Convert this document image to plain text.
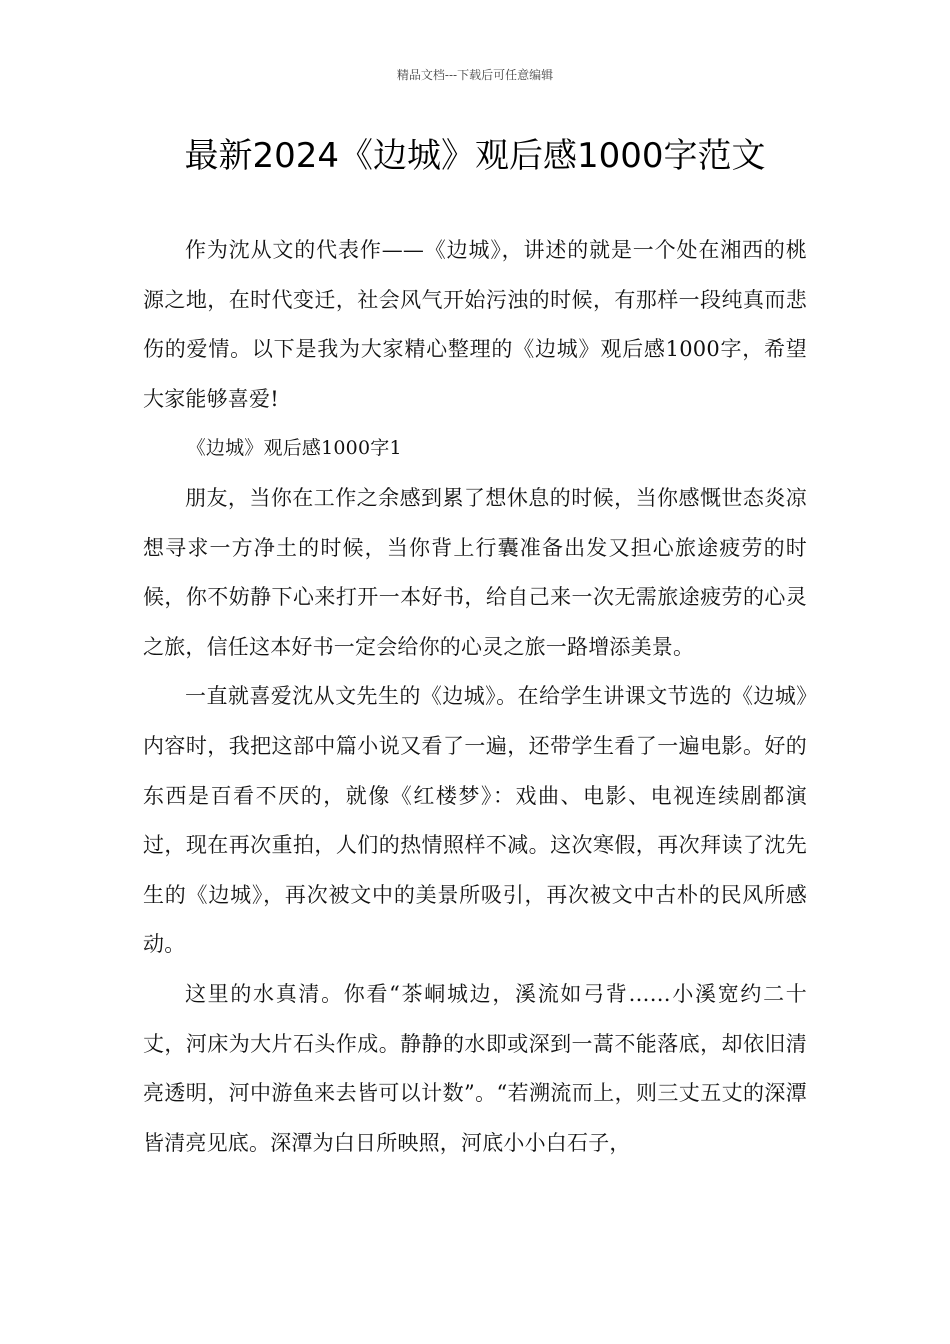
精品文档---下载后可任意编辑
最新2024《边城》观后感1000字范文

作为沈从文的代表作——《边城》，讲述的就是一个处在湘西的桃源之地，在时代变迁，社会风气开始污浊的时候，有那样一段纯真而悲伤的爱情。以下是我为大家精心整理的《边城》观后感1000字，希望大家能够喜爱!

《边城》观后感1000字1

朋友，当你在工作之余感到累了想休息的时候，当你感慨世态炎凉想寻求一方净土的时候，当你背上行囊准备出发又担心旅途疲劳的时候，你不妨静下心来打开一本好书，给自己来一次无需旅途疲劳的心灵之旅，信任这本好书一定会给你的心灵之旅一路增添美景。

一直就喜爱沈从文先生的《边城》。在给学生讲课文节选的《边城》内容时，我把这部中篇小说又看了一遍，还带学生看了一遍电影。好的东西是百看不厌的，就像《红楼梦》：戏曲、电影、电视连续剧都演过，现在再次重拍，人们的热情照样不减。这次寒假，再次拜读了沈先生的《边城》，再次被文中的美景所吸引，再次被文中古朴的民风所感动。

这里的水真清。你看“茶峒城边，溪流如弓背……小溪宽约二十丈，河床为大片石头作成。静静的水即或深到一蒿不能落底，却依旧清亮透明，河中游鱼来去皆可以计数”。“若溯流而上，则三丈五丈的深潭皆清亮见底。深潭为白日所映照，河底小小白石子，
